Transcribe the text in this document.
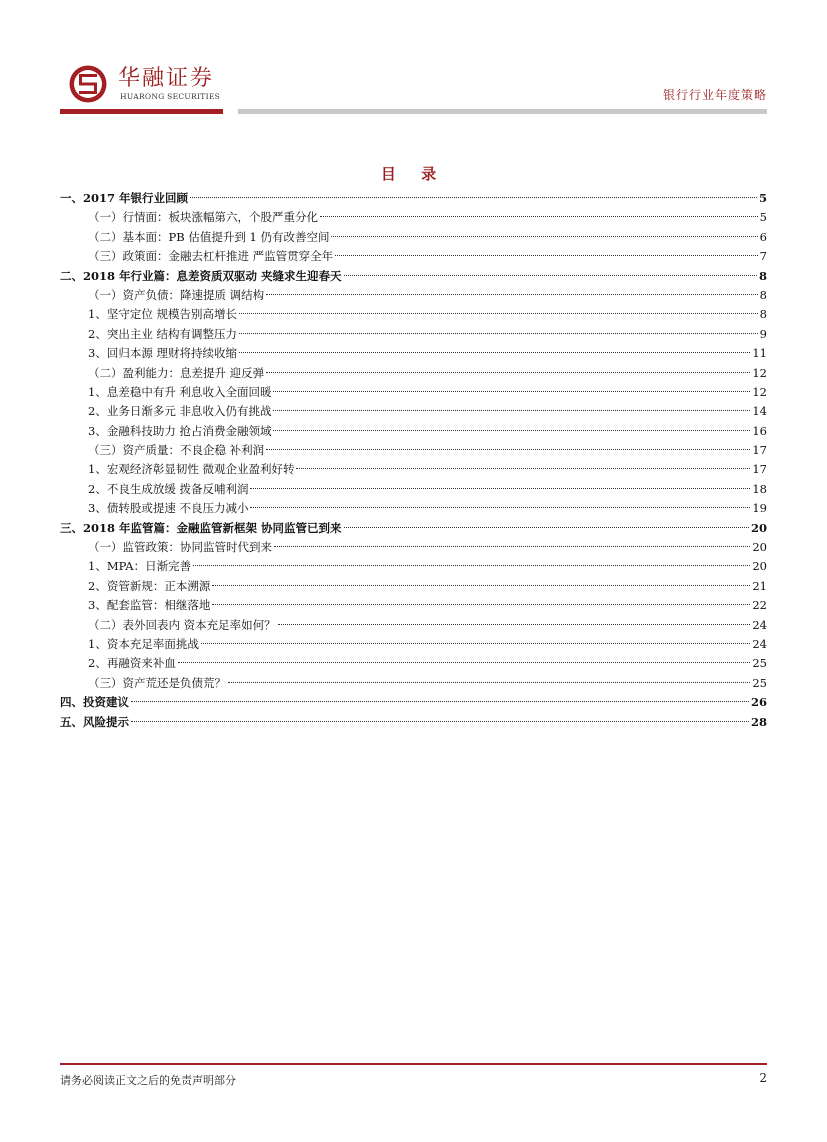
华融证券
HUARONG SECURITIES	银行行业年度策略
目 录
一、2017 年银行业回顾	5
（一）行情面：板块涨幅第六，个股严重分化	5
（二）基本面：PB 估值提升到 1 仍有改善空间	6
（三）政策面：金融去杠杆推进 严监管贯穿全年	7
二、2018 年行业篇：息差资质双驱动 夹缝求生迎春天	8
（一）资产负债：降速提质 调结构	8
1、坚守定位 规模告别高增长	8
2、突出主业 结构有调整压力	9
3、回归本源 理财将持续收缩	11
（二）盈利能力：息差提升 迎反弹	12
1、息差稳中有升 利息收入全面回暖	12
2、业务日渐多元 非息收入仍有挑战	14
3、金融科技助力 抢占消费金融领域	16
（三）资产质量：不良企稳 补利润	17
1、宏观经济彰显韧性 微观企业盈利好转	17
2、不良生成放缓 拨备反哺利润	18
3、债转股或提速 不良压力减小	19
三、2018 年监管篇：金融监管新框架 协同监管已到来	20
（一）监管政策：协同监管时代到来	20
1、MPA：日渐完善	20
2、资管新规：正本溯源	21
3、配套监管：相继落地	22
（二）表外回表内 资本充足率如何？	24
1、资本充足率面挑战	24
2、再融资来补血	25
（三）资产荒还是负债荒？	25
四、投资建议	26
五、风险提示	28
请务必阅读正文之后的免责声明部分	2
